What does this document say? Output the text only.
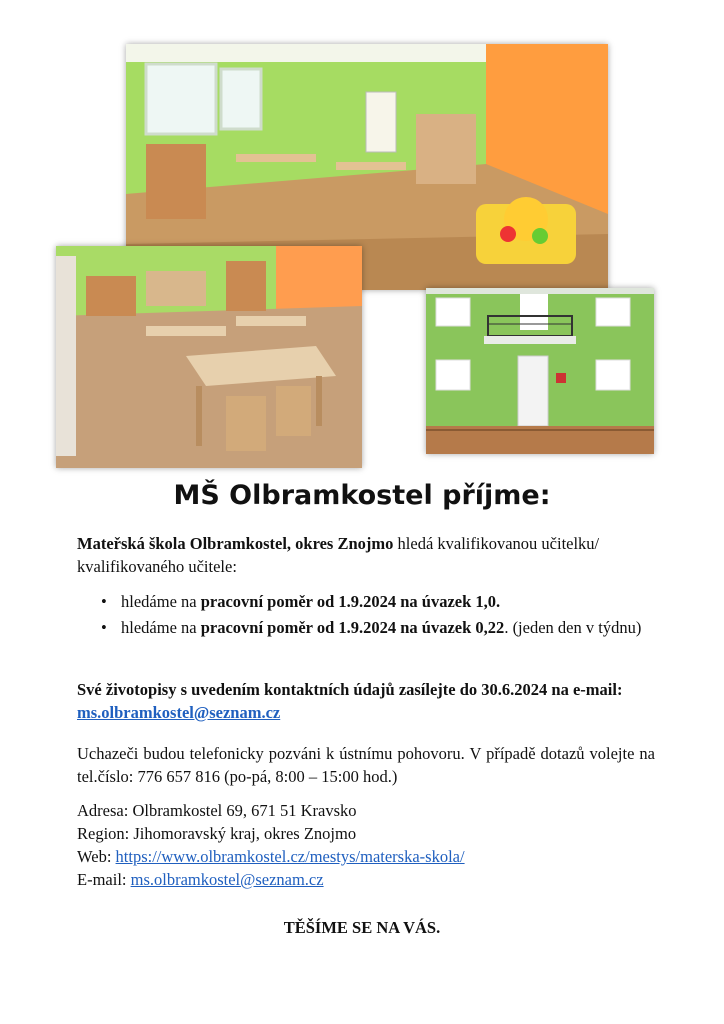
MŠ Olbramkostel příjme:
Mateřská škola Olbramkostel, okres Znojmo hledá kvalifikovanou učitelku/ kvalifikovaného učitele:
• hledáme na pracovní poměr od 1.9.2024 na úvazek 1,0.
• hledáme na pracovní poměr od 1.9.2024 na úvazek 0,22. (jeden den v týdnu)
Své životopisy s uvedením kontaktních údajů zasílejte do 30.6.2024 na e-mail: ms.olbramkostel@seznam.cz
Uchazeči budou telefonicky pozváni k ústnímu pohovoru. V případě dotazů volejte na tel.číslo: 776 657 816 (po-pá, 8:00 – 15:00 hod.)
Adresa: Olbramkostel 69, 671 51 Kravsko
Region: Jihomoravský kraj, okres Znojmo
Web: https://www.olbramkostel.cz/mestys/materska-skola/
E-mail: ms.olbramkostel@seznam.cz
TĚŠÍME SE NA VÁS.
